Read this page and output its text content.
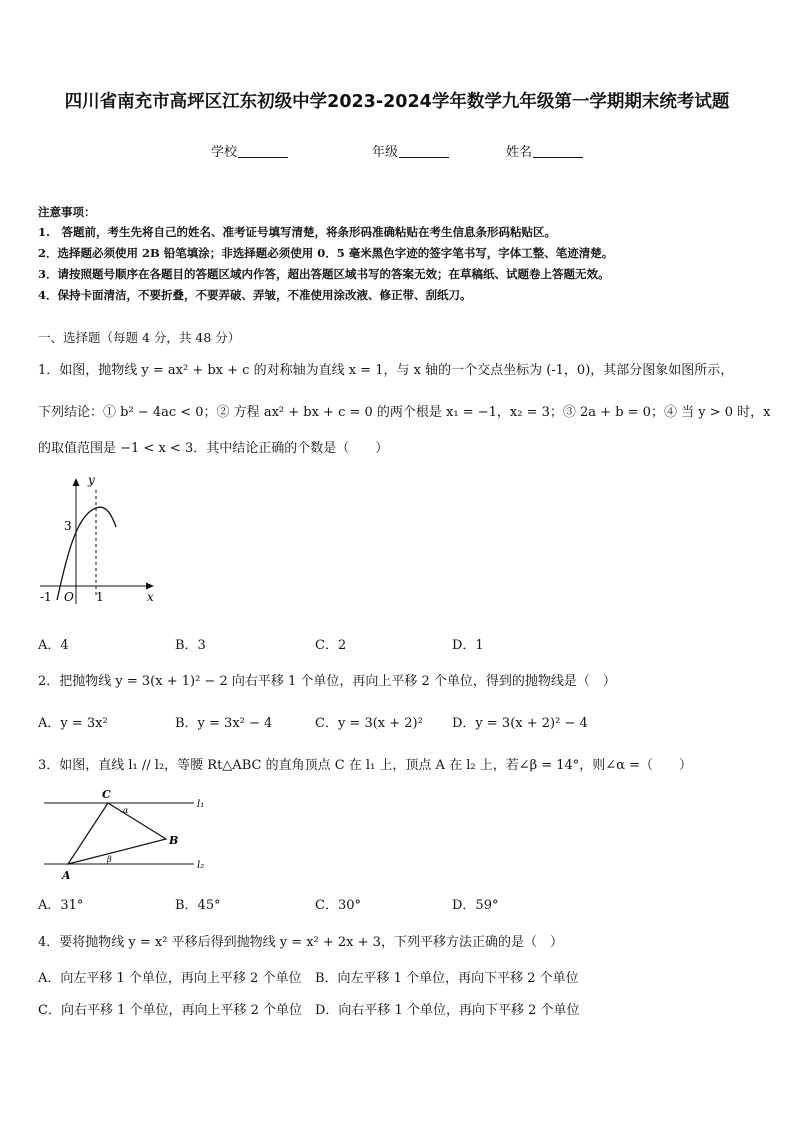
四川省南充市高坪区江东初级中学2023-2024学年数学九年级第一学期期末统考试题
学校	年级	姓名
注意事项：
1.　答题前，考生先将自己的姓名、准考证号填写清楚，将条形码准确粘贴在考生信息条形码粘贴区。
2．选择题必须使用 2B 铅笔填涂；非选择题必须使用 0．5 毫米黑色字迹的签字笔书写，字体工整、笔迹清楚。
3．请按照题号顺序在各题目的答题区域内作答，超出答题区域书写的答案无效；在草稿纸、试题卷上答题无效。
4．保持卡面清洁，不要折叠，不要弄破、弄皱，不准使用涂改液、修正带、刮纸刀。
一、选择题（每题 4 分，共 48 分）
1．如图，抛物线 y = ax² + bx + c 的对称轴为直线 x = 1，与 x 轴的一个交点坐标为 (-1，0)，其部分图象如图所示，
下列结论：① b² − 4ac < 0；② 方程 ax² + bx + c = 0 的两个根是 x₁ = −1，x₂ = 3；③ 2a + b = 0；④ 当 y > 0 时，x
的取值范围是 −1 < x < 3．其中结论正确的个数是（　　）
y
x
3
-1 O 1
A．4	B．3	C．2	D．1
2．把抛物线 y = 3(x + 1)² − 2 向右平移 1 个单位，再向上平移 2 个单位，得到的抛物线是（　）
A．y = 3x²	B．y = 3x² − 4	C．y = 3(x + 2)² D．y = 3(x + 2)² − 4
3．如图，直线 l₁ // l₂，等腰 Rt△ABC 的直角顶点 C 在 l₁ 上，顶点 A 在 l₂ 上，若∠β = 14°，则∠α =（　　）
C
B
A
l₁
l₂
α
β
A．31°	B．45°	C．30°	D．59°
4．要将抛物线 y = x² 平移后得到抛物线 y = x² + 2x + 3，下列平移方法正确的是（　）
A．向左平移 1 个单位，再向上平移 2 个单位 B．向左平移 1 个单位，再向下平移 2 个单位
C．向右平移 1 个单位，再向上平移 2 个单位 D．向右平移 1 个单位，再向下平移 2 个单位
